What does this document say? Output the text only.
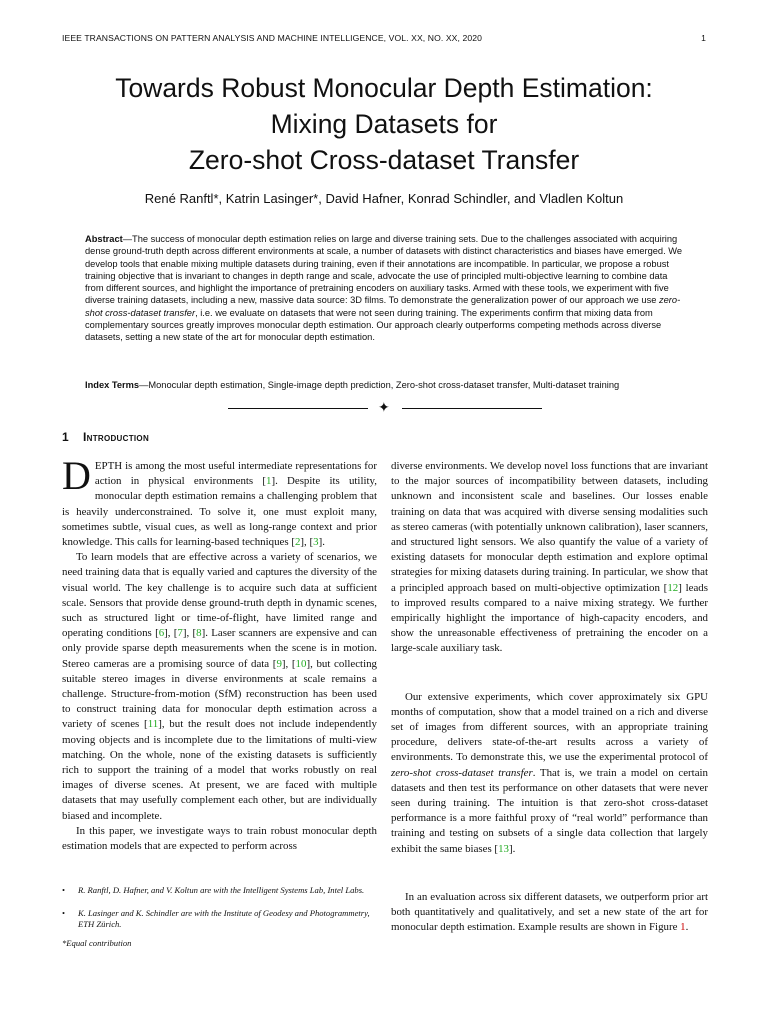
IEEE TRANSACTIONS ON PATTERN ANALYSIS AND MACHINE INTELLIGENCE, VOL. XX, NO. XX, 2020	1
Towards Robust Monocular Depth Estimation:
Mixing Datasets for
Zero-shot Cross-dataset Transfer
René Ranftl*, Katrin Lasinger*, David Hafner, Konrad Schindler, and Vladlen Koltun
Abstract—The success of monocular depth estimation relies on large and diverse training sets. Due to the challenges associated with acquiring dense ground-truth depth across different environments at scale, a number of datasets with distinct characteristics and biases have emerged. We develop tools that enable mixing multiple datasets during training, even if their annotations are incompatible. In particular, we propose a robust training objective that is invariant to changes in depth range and scale, advocate the use of principled multi-objective learning to combine data from different sources, and highlight the importance of pretraining encoders on auxiliary tasks. Armed with these tools, we experiment with five diverse training datasets, including a new, massive data source: 3D films. To demonstrate the generalization power of our approach we use zero-shot cross-dataset transfer, i.e. we evaluate on datasets that were not seen during training. The experiments confirm that mixing data from complementary sources greatly improves monocular depth estimation. Our approach clearly outperforms competing methods across diverse datasets, setting a new state of the art for monocular depth estimation.
Index Terms—Monocular depth estimation, Single-image depth prediction, Zero-shot cross-dataset transfer, Multi-dataset training
✦
1 Introduction

DEPTH is among the most useful intermediate representations for action in physical environments [1]. Despite its utility, monocular depth estimation remains a challenging problem that is heavily underconstrained. To solve it, one must exploit many, sometimes subtle, visual cues, as well as long-range context and prior knowledge. This calls for learning-based techniques [2], [3].

To learn models that are effective across a variety of scenarios, we need training data that is equally varied and captures the diversity of the visual world. The key challenge is to acquire such data at sufficient scale. Sensors that provide dense ground-truth depth in dynamic scenes, such as structured light or time-of-flight, have limited range and operating conditions [6], [7], [8]. Laser scanners are expensive and can only provide sparse depth measurements when the scene is in motion. Stereo cameras are a promising source of data [9], [10], but collecting suitable stereo images in diverse environments at scale remains a challenge. Structure-from-motion (SfM) reconstruction has been used to construct training data for monocular depth estimation across a variety of scenes [11], but the result does not include independently moving objects and is incomplete due to the limitations of multi-view matching. On the whole, none of the existing datasets is sufficiently rich to support the training of a model that works robustly on real images of diverse scenes. At present, we are faced with multiple datasets that may usefully complement each other, but are individually biased and incomplete.

In this paper, we investigate ways to train robust monocular depth estimation models that are expected to perform across

diverse environments. We develop novel loss functions that are invariant to the major sources of incompatibility between datasets, including unknown and inconsistent scale and baselines. Our losses enable training on data that was acquired with diverse sensing modalities such as stereo cameras (with potentially unknown calibration), laser scanners, and structured light sensors. We also quantify the value of a variety of existing datasets for monocular depth estimation and explore optimal strategies for mixing datasets during training. In particular, we show that a principled approach based on multi-objective optimization [12] leads to improved results compared to a naive mixing strategy. We further empirically highlight the importance of high-capacity encoders, and show the unreasonable effectiveness of pretraining the encoder on a large-scale auxiliary task.

Our extensive experiments, which cover approximately six GPU months of computation, show that a model trained on a rich and diverse set of images from different sources, with an appropriate training procedure, delivers state-of-the-art results across a variety of environments. To demonstrate this, we use the experimental protocol of zero-shot cross-dataset transfer. That is, we train a model on certain datasets and then test its performance on other datasets that were never seen during training. The intuition is that zero-shot cross-dataset performance is a more faithful proxy of “real world” performance than training and testing on subsets of a single data collection that largely exhibit the same biases [13].

In an evaluation across six different datasets, we outperform prior art both quantitatively and qualitatively, and set a new state of the art for monocular depth estimation. Example results are shown in Figure 1.

• R. Ranftl, D. Hafner, and V. Koltun are with the Intelligent Systems Lab, Intel Labs.
• K. Lasinger and K. Schindler are with the Institute of Geodesy and Photogrammetry, ETH Zürich.
*Equal contribution
